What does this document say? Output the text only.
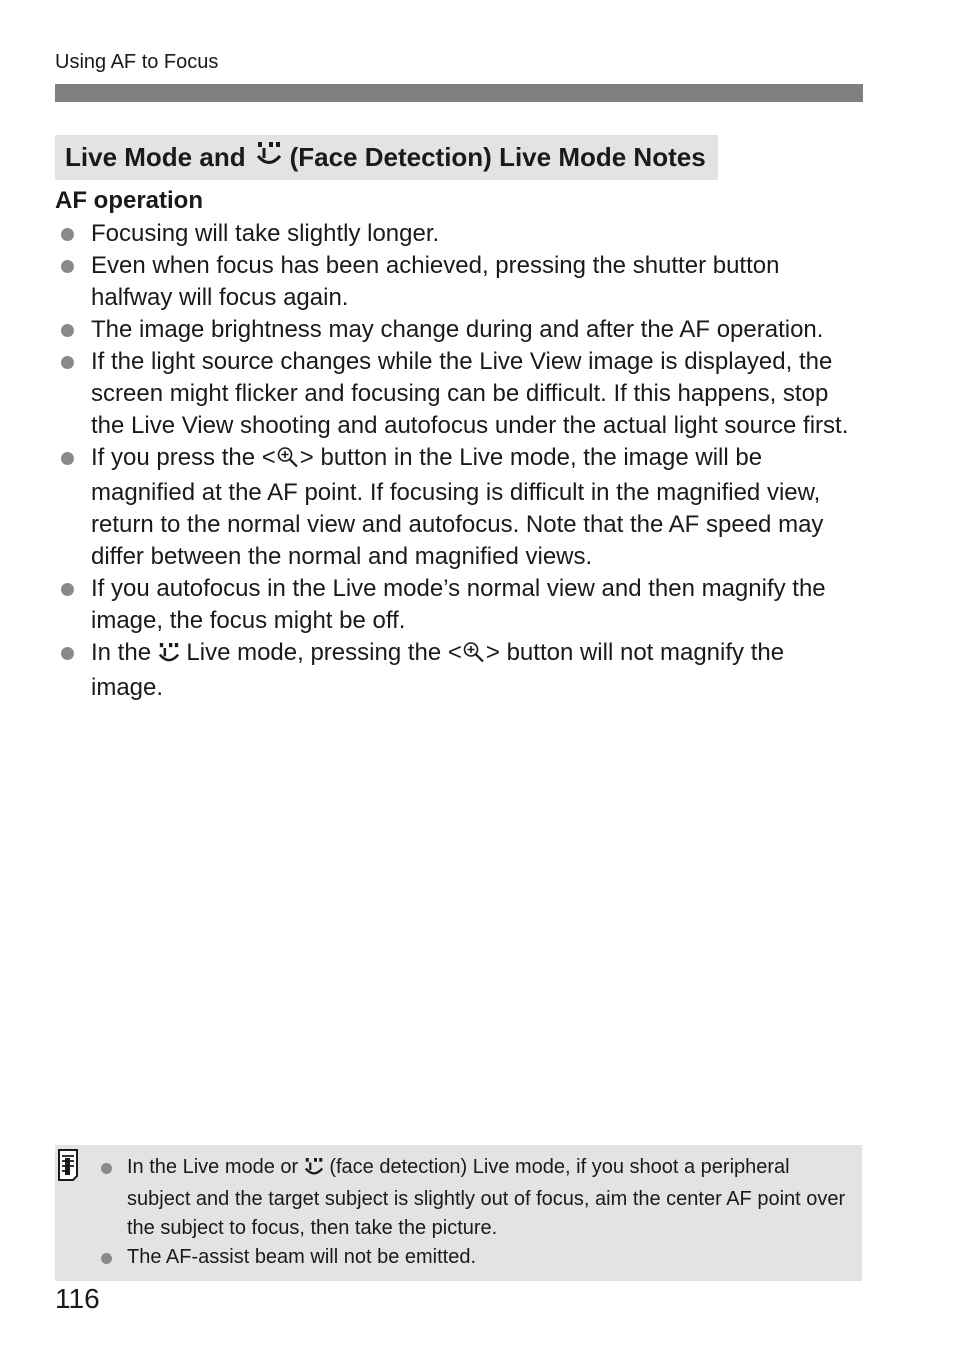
Using AF to Focus
Live Mode and (Face Detection) Live Mode Notes
AF operation
Focusing will take slightly longer.
Even when focus has been achieved, pressing the shutter button halfway will focus again.
The image brightness may change during and after the AF operation.
If the light source changes while the Live View image is displayed, the screen might flicker and focusing can be difficult. If this happens, stop the Live View shooting and autofocus under the actual light source first.
If you press the < > button in the Live mode, the image will be magnified at the AF point. If focusing is difficult in the magnified view, return to the normal view and autofocus. Note that the AF speed may differ between the normal and magnified views.
If you autofocus in the Live mode’s normal view and then magnify the image, the focus might be off.
In the Live mode, pressing the < > button will not magnify the image.
In the Live mode or (face detection) Live mode, if you shoot a peripheral subject and the target subject is slightly out of focus, aim the center AF point over the subject to focus, then take the picture.
The AF-assist beam will not be emitted.
116
